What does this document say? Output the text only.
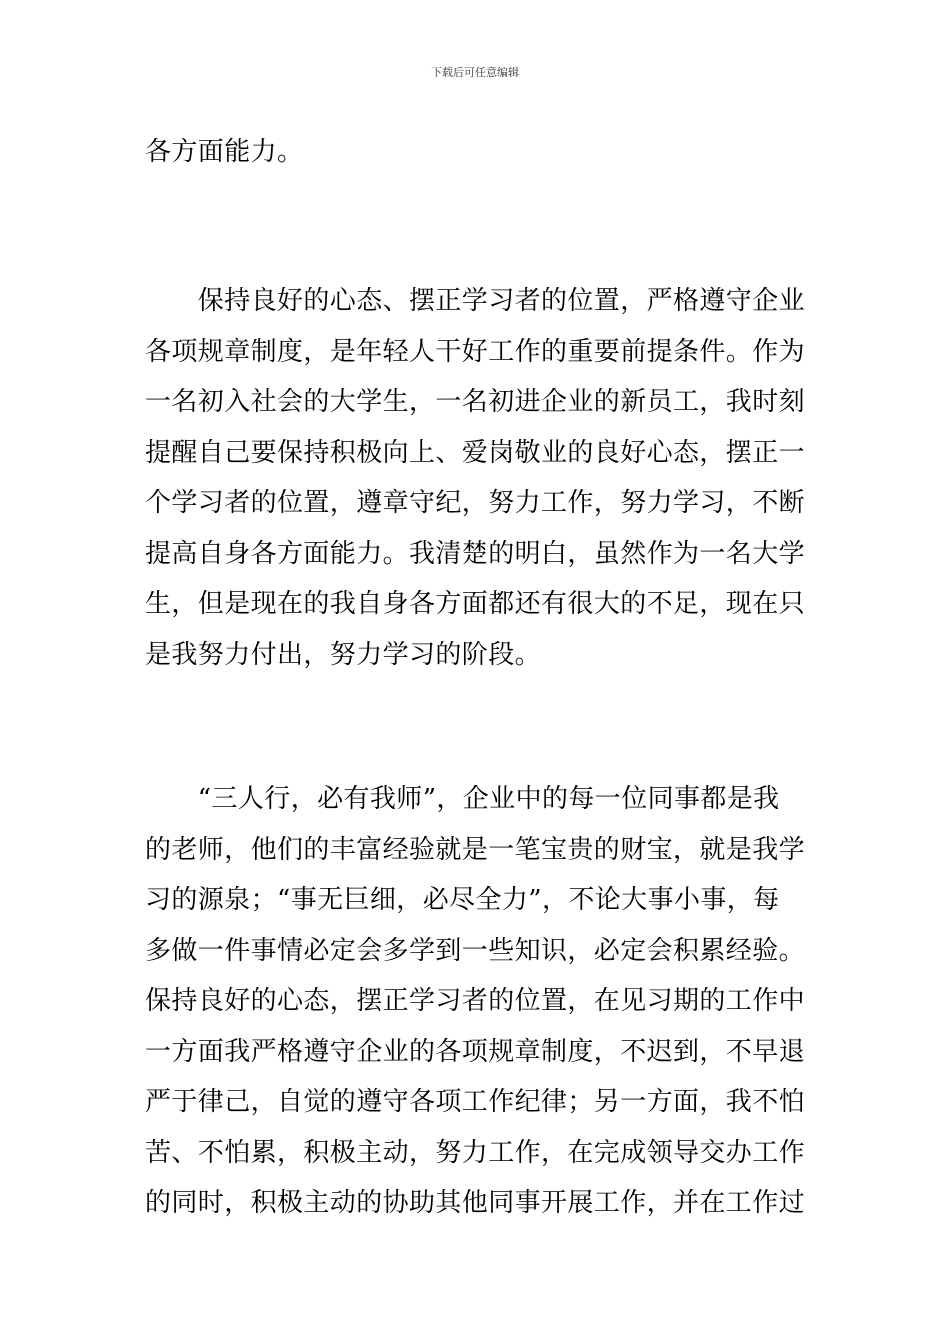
下载后可任意编辑

各方面能力。

　　保持良好的心态、摆正学习者的位置，严格遵守企业
各项规章制度，是年轻人干好工作的重要前提条件。作为
一名初入社会的大学生，一名初进企业的新员工，我时刻
提醒自己要保持积极向上、爱岗敬业的良好心态，摆正一
个学习者的位置，遵章守纪，努力工作，努力学习，不断
提高自身各方面能力。我清楚的明白，虽然作为一名大学
生，但是现在的我自身各方面都还有很大的不足，现在只
是我努力付出，努力学习的阶段。

　　“三人行，必有我师”，企业中的每一位同事都是我
的老师，他们的丰富经验就是一笔宝贵的财宝，就是我学
习的源泉；“事无巨细，必尽全力”，不论大事小事，每
多做一件事情必定会多学到一些知识，必定会积累经验。
保持良好的心态，摆正学习者的位置，在见习期的工作中
一方面我严格遵守企业的各项规章制度，不迟到，不早退
严于律己，自觉的遵守各项工作纪律；另一方面，我不怕
苦、不怕累，积极主动，努力工作，在完成领导交办工作
的同时，积极主动的协助其他同事开展工作，并在工作过
